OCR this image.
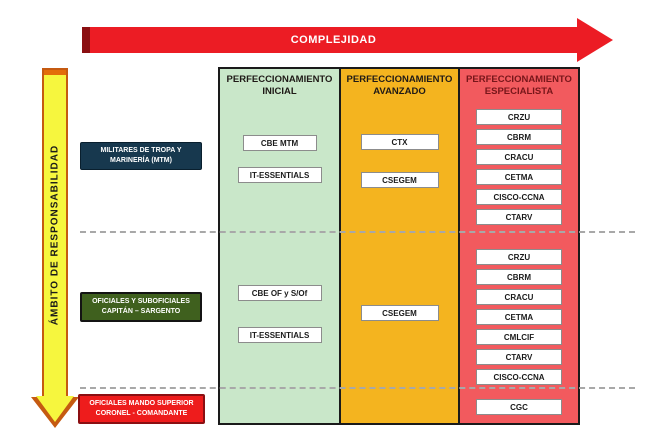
COMPLEJIDAD
ÁMBITO DE RESPONSABILIDAD
PERFECCIONAMIENTO
INICIAL
CBE MTM
IT-ESSENTIALS
CBE OF y S/Of
IT-ESSENTIALS
PERFECCIONAMIENTO
AVANZADO
CTX
CSEGEM
CSEGEM
PERFECCIONAMIENTO
ESPECIALISTA
CRZU
CBRM
CRACU
CETMA
CISCO-CCNA
CTARV
CRZU
CBRM
CRACU
CETMA
CMLCIF
CTARV
CISCO-CCNA
CGC
MILITARES DE TROPA Y
MARINERÍA (MTM)
OFICIALES Y SUBOFICIALES
CAPITÁN – SARGENTO
OFICIALES MANDO SUPERIOR
CORONEL - COMANDANTE
